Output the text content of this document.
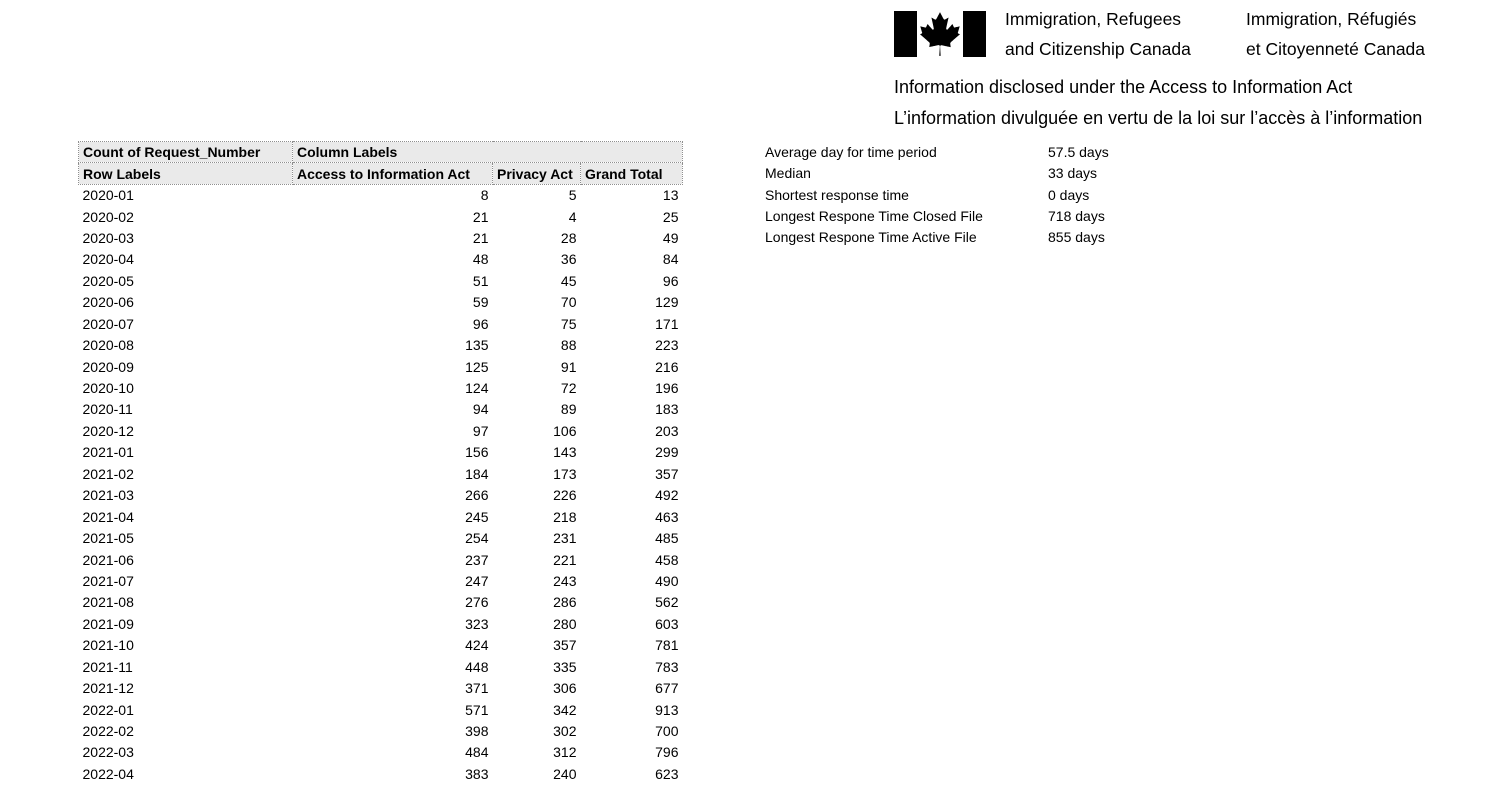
Immigration, Refugees
and Citizenship Canada
Immigration, Réfugiés
et Citoyenneté Canada
Information disclosed under the Access to Information Act
L’information divulguée en vertu de la loi sur l’accès à l’information
Count of Request_Number	Column Labels		
Row Labels	Access to Information Act	Privacy Act	Grand Total
2020-01	8	5	13
2020-02	21	4	25
2020-03	21	28	49
2020-04	48	36	84
2020-05	51	45	96
2020-06	59	70	129
2020-07	96	75	171
2020-08	135	88	223
2020-09	125	91	216
2020-10	124	72	196
2020-11	94	89	183
2020-12	97	106	203
2021-01	156	143	299
2021-02	184	173	357
2021-03	266	226	492
2021-04	245	218	463
2021-05	254	231	485
2021-06	237	221	458
2021-07	247	243	490
2021-08	276	286	562
2021-09	323	280	603
2021-10	424	357	781
2021-11	448	335	783
2021-12	371	306	677
2022-01	571	342	913
2022-02	398	302	700
2022-03	484	312	796
2022-04	383	240	623
Average day for time period	57.5 days
Median	33 days
Shortest response time	0 days
Longest Respone Time Closed File	718 days
Longest Respone Time Active File	855 days
